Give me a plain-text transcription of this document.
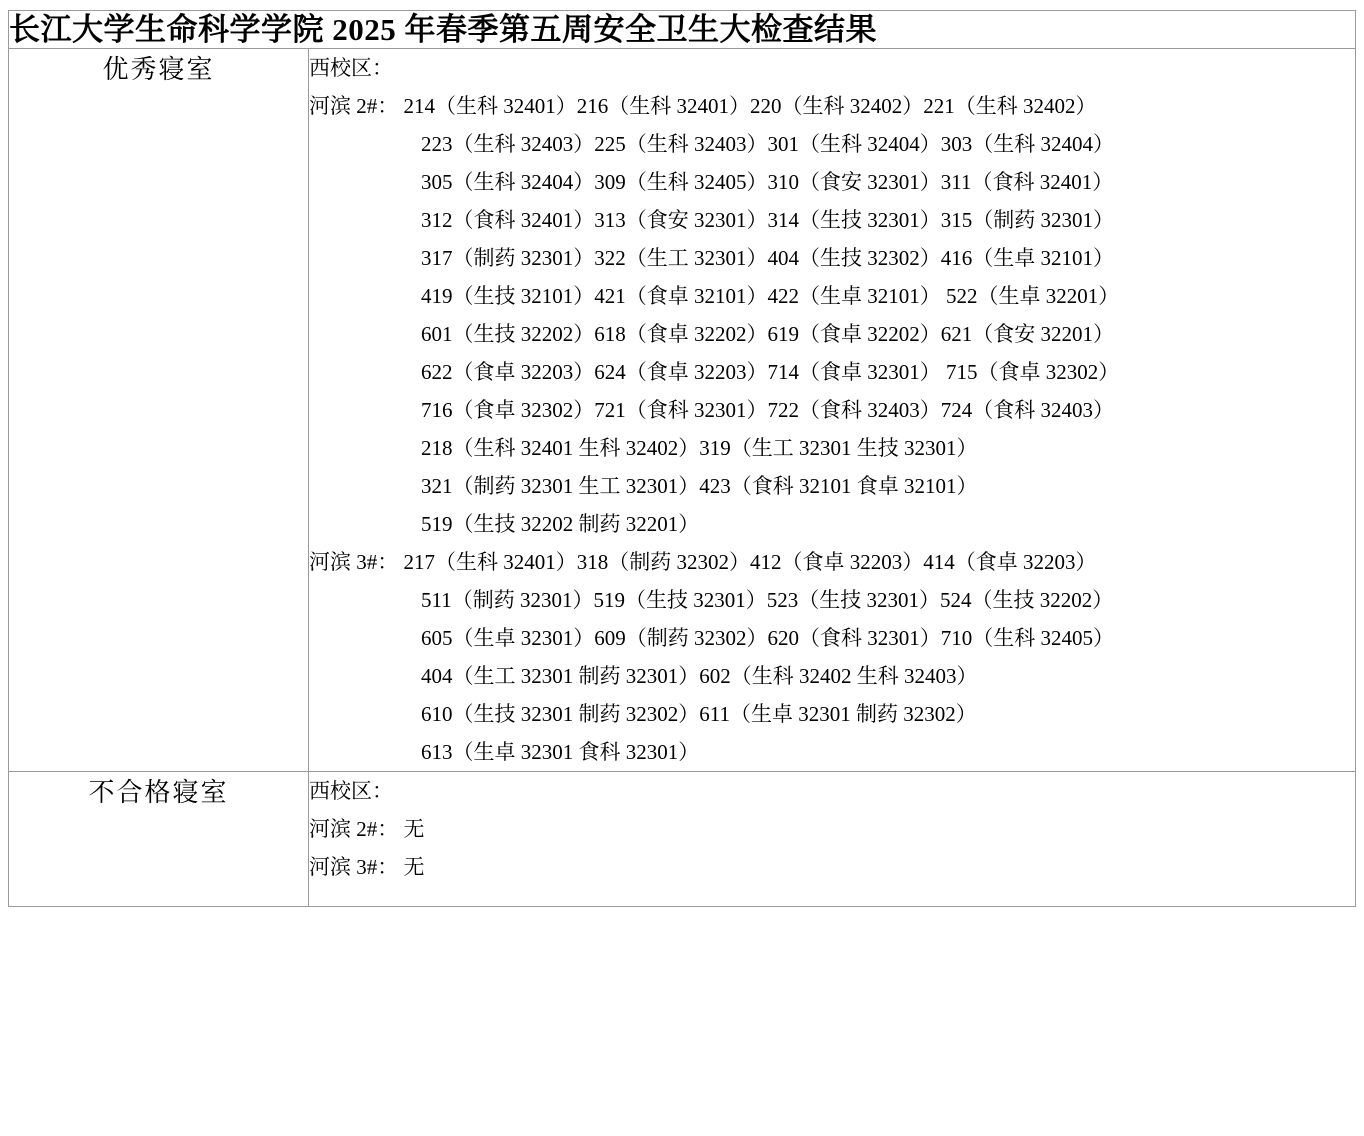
长江大学生命科学学院 2025 年春季第五周安全卫生大检查结果	

优秀寝室	西校区：
河滨 2#： 214（生科 32401）216（生科 32401）220（生科 32402）221（生科 32402）
223（生科 32403）225（生科 32403）301（生科 32404）303（生科 32404）
305（生科 32404）309（生科 32405）310（食安 32301）311（食科 32401）
312（食科 32401）313（食安 32301）314（生技 32301）315（制药 32301）
317（制药 32301）322（生工 32301）404（生技 32302）416（生卓 32101）
419（生技 32101）421（食卓 32101）422（生卓 32101） 522（生卓 32201）
601（生技 32202）618（食卓 32202）619（食卓 32202）621（食安 32201）
622（食卓 32203）624（食卓 32203）714（食卓 32301） 715（食卓 32302）
716（食卓 32302）721（食科 32301）722（食科 32403）724（食科 32403）
218（生科 32401 生科 32402）319（生工 32301 生技 32301）
321（制药 32301 生工 32301）423（食科 32101 食卓 32101）
519（生技 32202 制药 32201）
河滨 3#： 217（生科 32401）318（制药 32302）412（食卓 32203）414（食卓 32203）
511（制药 32301）519（生技 32301）523（生技 32301）524（生技 32202）
605（生卓 32301）609（制药 32302）620（食科 32301）710（生科 32405）
404（生工 32301 制药 32301）602（生科 32402 生科 32403）
610（生技 32301 制药 32302）611（生卓 32301 制药 32302）
613（生卓 32301 食科 32301）

不合格寝室	西校区：
河滨 2#： 无
河滨 3#： 无
